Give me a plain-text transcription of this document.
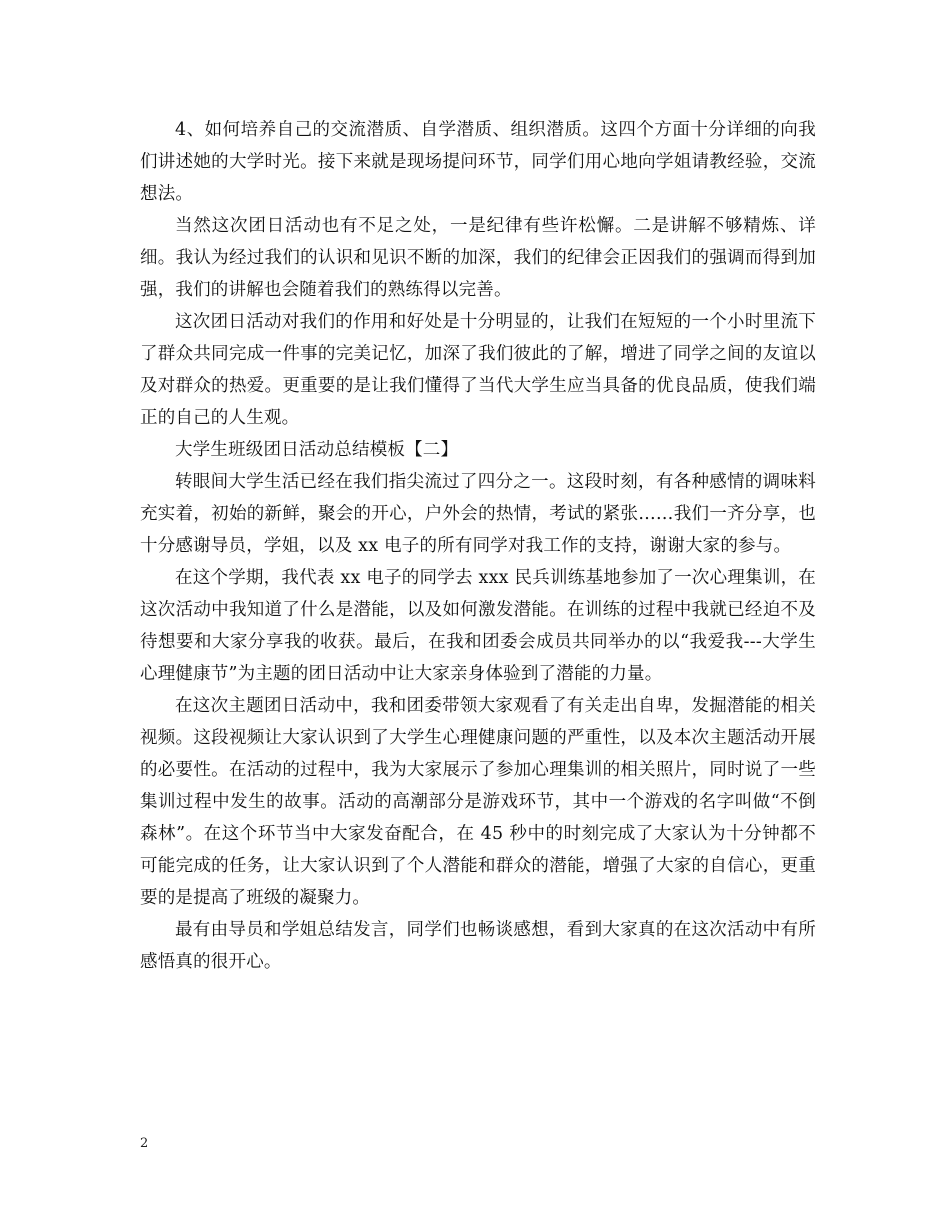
4、如何培养自己的交流潜质、自学潜质、组织潜质。这四个方面十分详细的向我们讲述她的大学时光。接下来就是现场提问环节，同学们用心地向学姐请教经验，交流想法。

当然这次团日活动也有不足之处，一是纪律有些许松懈。二是讲解不够精炼、详细。我认为经过我们的认识和见识不断的加深，我们的纪律会正因我们的强调而得到加强，我们的讲解也会随着我们的熟练得以完善。

这次团日活动对我们的作用和好处是十分明显的，让我们在短短的一个小时里流下了群众共同完成一件事的完美记忆，加深了我们彼此的了解，增进了同学之间的友谊以及对群众的热爱。更重要的是让我们懂得了当代大学生应当具备的优良品质，使我们端正的自己的人生观。

大学生班级团日活动总结模板【二】

转眼间大学生活已经在我们指尖流过了四分之一。这段时刻，有各种感情的调味料充实着，初始的新鲜，聚会的开心，户外会的热情，考试的紧张……我们一齐分享，也十分感谢导员，学姐，以及 xx 电子的所有同学对我工作的支持，谢谢大家的参与。

在这个学期，我代表 xx 电子的同学去 xxx 民兵训练基地参加了一次心理集训，在这次活动中我知道了什么是潜能，以及如何激发潜能。在训练的过程中我就已经迫不及待想要和大家分享我的收获。最后，在我和团委会成员共同举办的以“我爱我---大学生心理健康节”为主题的团日活动中让大家亲身体验到了潜能的力量。

在这次主题团日活动中，我和团委带领大家观看了有关走出自卑，发掘潜能的相关视频。这段视频让大家认识到了大学生心理健康问题的严重性，以及本次主题活动开展的必要性。在活动的过程中，我为大家展示了参加心理集训的相关照片，同时说了一些集训过程中发生的故事。活动的高潮部分是游戏环节，其中一个游戏的名字叫做“不倒森林”。在这个环节当中大家发奋配合，在 45 秒中的时刻完成了大家认为十分钟都不可能完成的任务，让大家认识到了个人潜能和群众的潜能，增强了大家的自信心，更重要的是提高了班级的凝聚力。

最有由导员和学姐总结发言，同学们也畅谈感想，看到大家真的在这次活动中有所感悟真的很开心。

2
